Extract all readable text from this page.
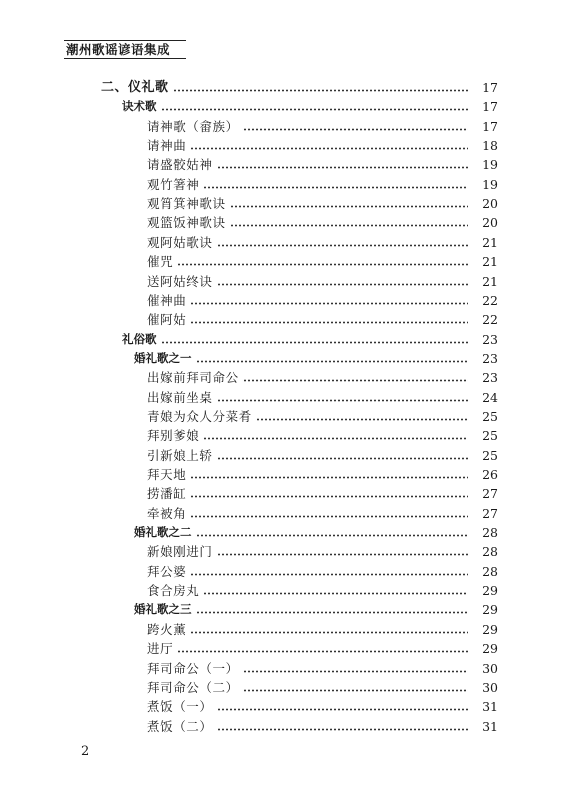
潮州歌谣谚语集成
二、仪礼歌	17
诀术歌	17
请神歌（畲族）	17
请神曲	18
请盛骹姑神	19
观竹箸神	19
观筲箕神歌诀	20
观篮饭神歌诀	20
观阿姑歌诀	21
催咒	21
送阿姑终诀	21
催神曲	22
催阿姑	22
礼俗歌	23
婚礼歌之一	23
出嫁前拜司命公	23
出嫁前坐桌	24
青娘为众人分菜肴	25
拜别爹娘	25
引新娘上轿	25
拜天地	26
捞潘缸	27
牵被角	27
婚礼歌之二	28
新娘刚进门	28
拜公婆	28
食合房丸	29
婚礼歌之三	29
跨火薰	29
进厅	29
拜司命公（一）	30
拜司命公（二）	30
煮饭（一）	31
煮饭（二）	31
2
